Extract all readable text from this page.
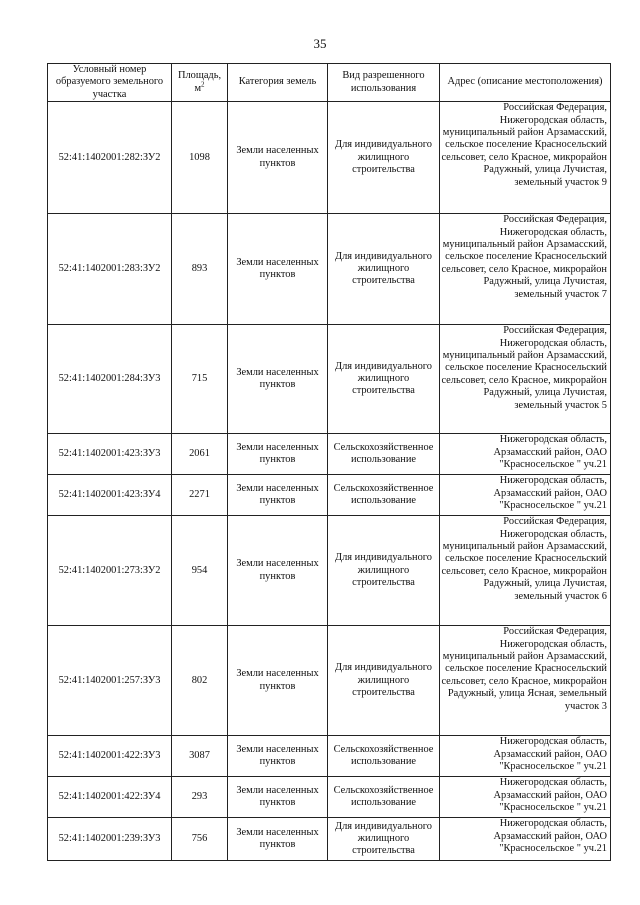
35
Условный номер образуемого земельного участка	Площадь, $м^2$	Категория земель	Вид разрешенного использования	Адрес (описание местоположения)
52:41:1402001:282:ЗУ2	1098	Земли населенных пунктов	Для индивидуального жилищного строительства	Российская Федерация, Нижегородская область, муниципальный район Арзамасский, сельское поселение Красносельский сельсовет, село Красное, микрорайон Радужный, улица Лучистая, земельный участок 9
52:41:1402001:283:ЗУ2	893	Земли населенных пунктов	Для индивидуального жилищного строительства	Российская Федерация, Нижегородская область, муниципальный район Арзамасский, сельское поселение Красносельский сельсовет, село Красное, микрорайон Радужный, улица Лучистая, земельный участок 7
52:41:1402001:284:ЗУ3	715	Земли населенных пунктов	Для индивидуального жилищного строительства	Российская Федерация, Нижегородская область, муниципальный район Арзамасский, сельское поселение Красносельский сельсовет, село Красное, микрорайон Радужный, улица Лучистая, земельный участок 5
52:41:1402001:423:ЗУ3	2061	Земли населенных пунктов	Сельскохозяйственное использование	Нижегородская область, Арзамасский район, ОАО "Красносельское " уч.21
52:41:1402001:423:ЗУ4	2271	Земли населенных пунктов	Сельскохозяйственное использование	Нижегородская область, Арзамасский район, ОАО "Красносельское " уч.21
52:41:1402001:273:ЗУ2	954	Земли населенных пунктов	Для индивидуального жилищного строительства	Российская Федерация, Нижегородская область, муниципальный район Арзамасский, сельское поселение Красносельский сельсовет, село Красное, микрорайон Радужный, улица Лучистая, земельный участок 6
52:41:1402001:257:ЗУ3	802	Земли населенных пунктов	Для индивидуального жилищного строительства	Российская Федерация, Нижегородская область, муниципальный район Арзамасский, сельское поселение Красносельский сельсовет, село Красное, микрорайон Радужный, улица Ясная, земельный участок 3
52:41:1402001:422:ЗУ3	3087	Земли населенных пунктов	Сельскохозяйственное использование	Нижегородская область, Арзамасский район, ОАО "Красносельское " уч.21
52:41:1402001:422:ЗУ4	293	Земли населенных пунктов	Сельскохозяйственное использование	Нижегородская область, Арзамасский район, ОАО "Красносельское " уч.21
52:41:1402001:239:ЗУ3	756	Земли населенных пунктов	Для индивидуального жилищного строительства	Нижегородская область, Арзамасский район, ОАО "Красносельское " уч.21
